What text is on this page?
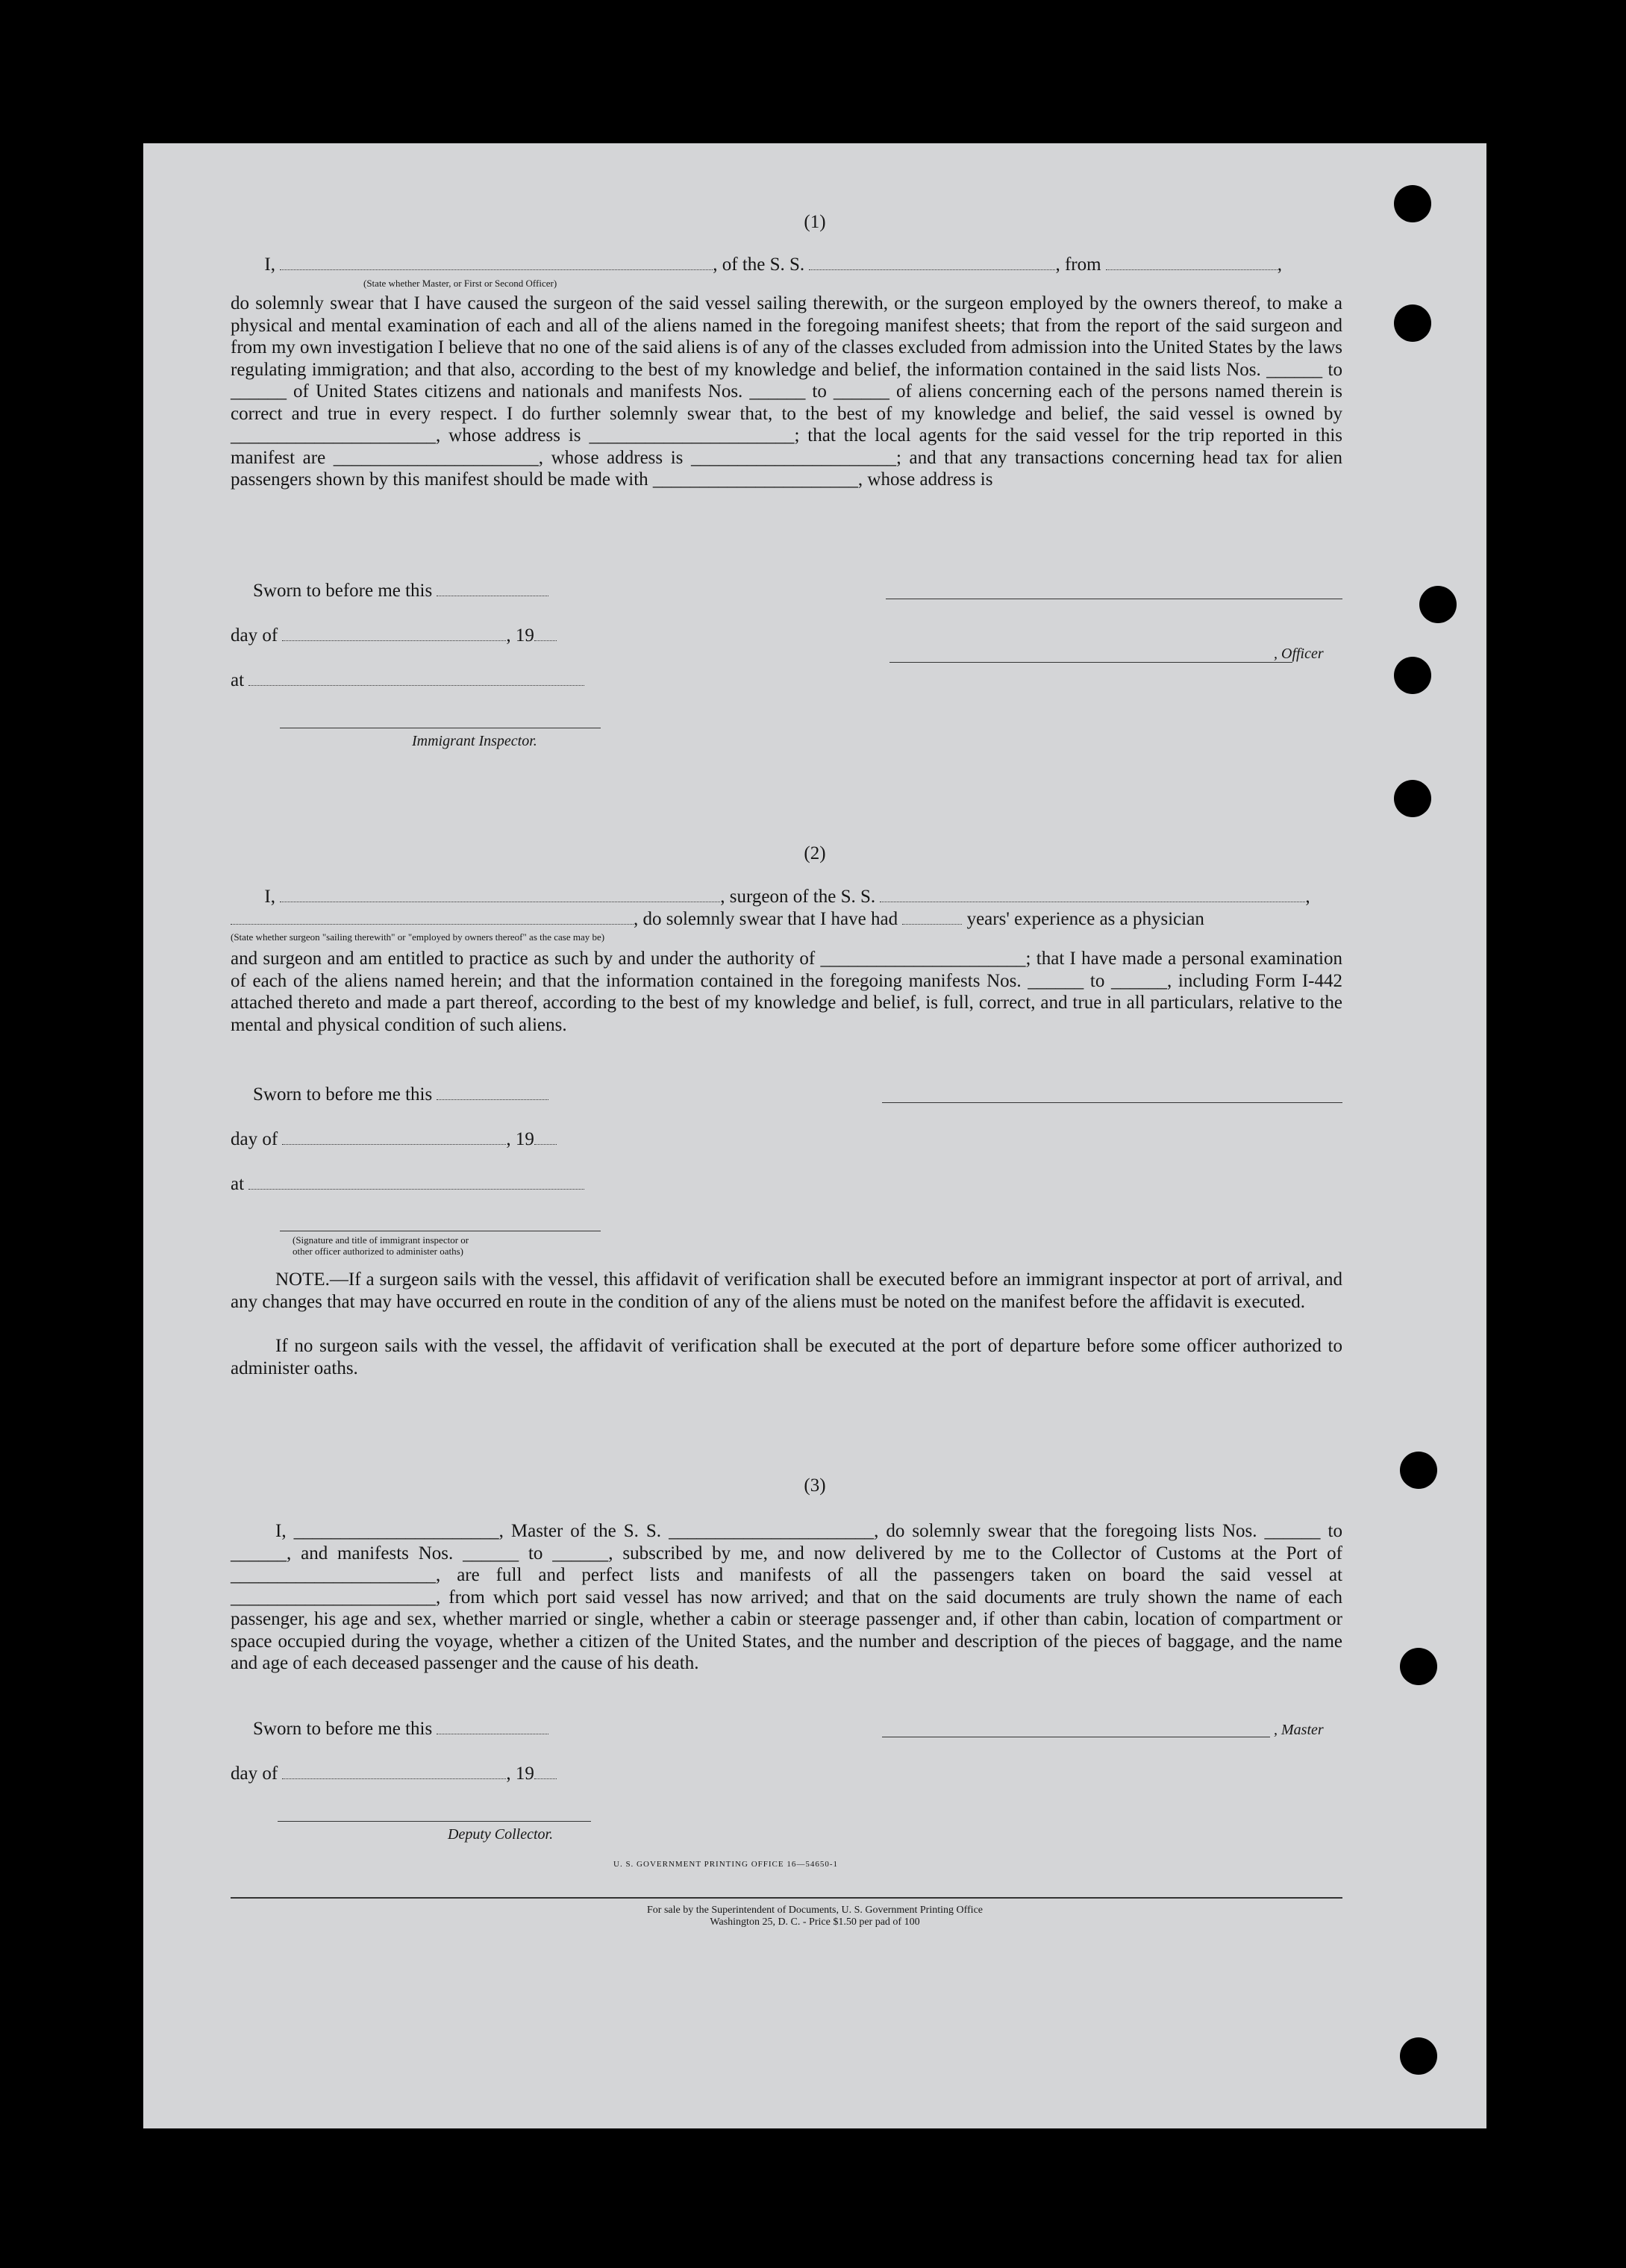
(1)
I,	, of the S. S.	, from	,
(State whether Master, or First or Second Officer)

do solemnly swear that I have caused the surgeon of the said vessel sailing therewith, or the surgeon employed by the owners thereof, to make a physical and mental examination of each and all of the aliens named in the foregoing manifest sheets; that from the report of the said surgeon and from my own investigation I believe that no one of the said aliens is of any of the classes excluded from admission into the United States by the laws regulating immigration; and that also, according to the best of my knowledge and belief, the information contained in the said lists Nos. ______ to ______ of United States citizens and nationals and manifests Nos. ______ to ______ of aliens concerning each of the persons named therein is correct and true in every respect. I do further solemnly swear that, to the best of my knowledge and belief, the said vessel is owned by ______________________, whose address is ______________________; that the local agents for the said vessel for the trip reported in this manifest are ______________________, whose address is ______________________; and that any transactions concerning head tax for alien passengers shown by this manifest should be made with ______________________, whose address is

Sworn to before me this
day of	, 19
at
, Officer
Immigrant Inspector.
(2)
I,	, surgeon of the S. S.	,
, do solemnly swear that I have had	years' experience as a physician
(State whether surgeon "sailing therewith" or "employed by owners thereof" as the case may be)

and surgeon and am entitled to practice as such by and under the authority of ______________________; that I have made a personal examination of each of the aliens named herein; and that the information contained in the foregoing manifests Nos. ______ to ______, including Form I-442 attached thereto and made a part thereof, according to the best of my knowledge and belief, is full, correct, and true in all particulars, relative to the mental and physical condition of such aliens.

Sworn to before me this
day of	, 19
at
(Signature and title of immigrant inspector or
other officer authorized to administer oaths)
NOTE.—If a surgeon sails with the vessel, this affidavit of verification shall be executed before an immigrant inspector at port of arrival, and any changes that may have occurred en route in the condition of any of the aliens must be noted on the manifest before the affidavit is executed.

If no surgeon sails with the vessel, the affidavit of verification shall be executed at the port of departure before some officer authorized to administer oaths.

(3)

I, ______________________, Master of the S. S. ______________________, do solemnly swear that the foregoing lists Nos. ______ to ______, and manifests Nos. ______ to ______, subscribed by me, and now delivered by me to the Collector of Customs at the Port of ______________________, are full and perfect lists and manifests of all the passengers taken on board the said vessel at ______________________, from which port said vessel has now arrived; and that on the said documents are truly shown the name of each passenger, his age and sex, whether married or single, whether a cabin or steerage passenger and, if other than cabin, location of compartment or space occupied during the voyage, whether a citizen of the United States, and the number and description of the pieces of baggage, and the name and age of each deceased passenger and the cause of his death.

Sworn to before me this
day of	, 19
, Master
Deputy Collector.
U. S. GOVERNMENT PRINTING OFFICE 16—54650-1
For sale by the Superintendent of Documents, U. S. Government Printing Office
Washington 25, D. C. - Price $1.50 per pad of 100
